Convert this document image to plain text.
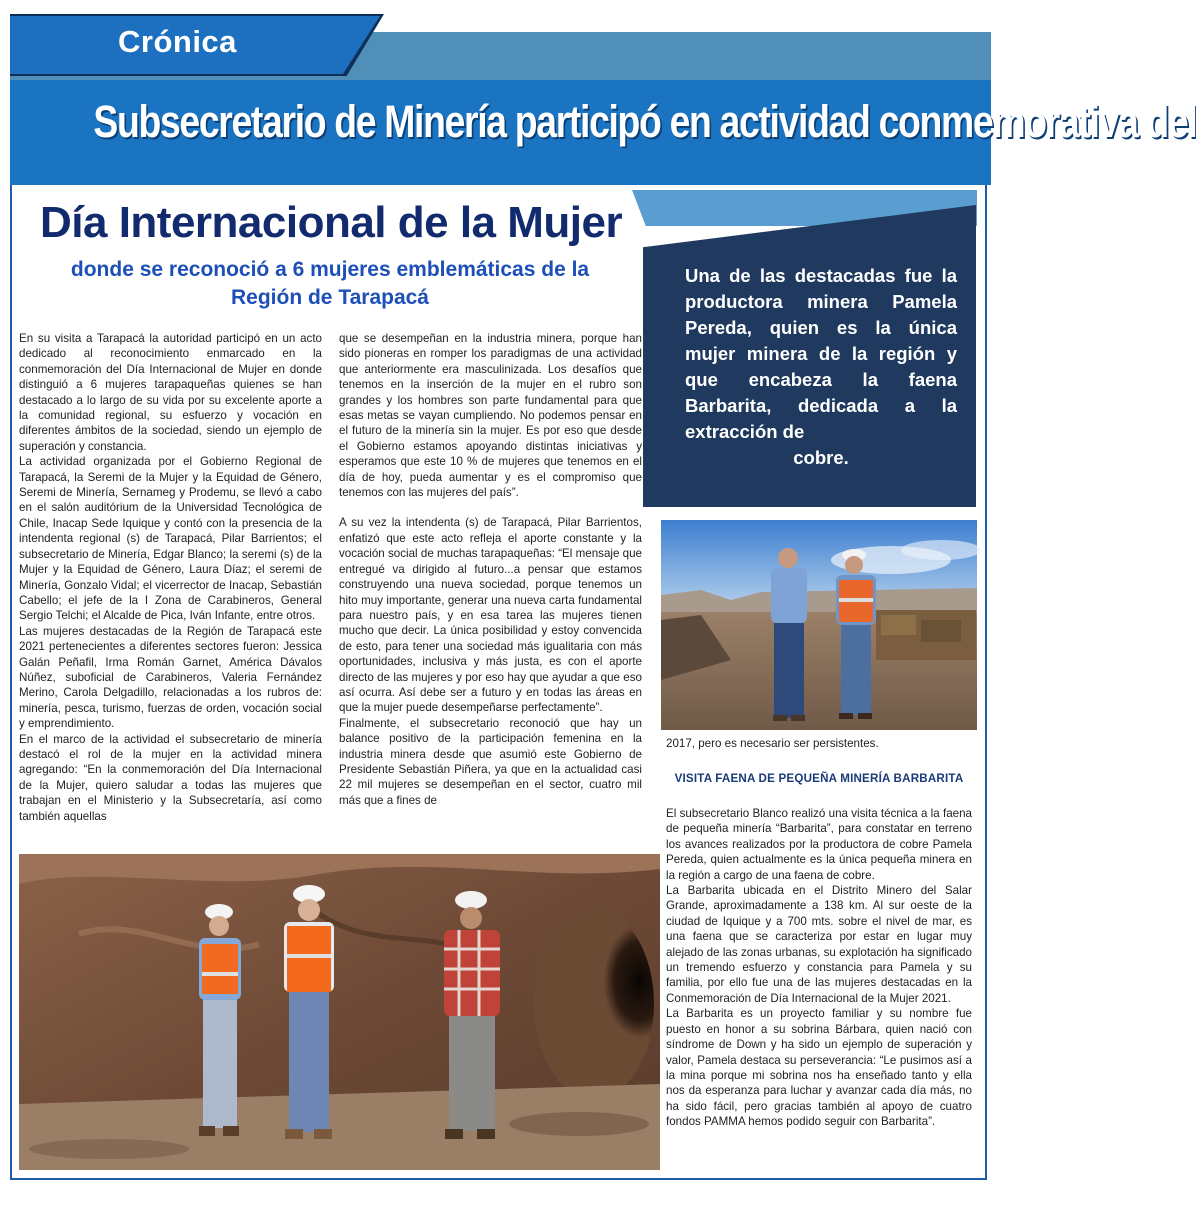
Crónica
Subsecretario de Minería participó en actividad conmemorativa del
Día Internacional de la Mujer
donde se reconoció a 6 mujeres emblemáticas de la Región de Tarapacá
Una de las destacadas fue la productora minera Pamela Pereda, quien es la única mujer minera de la región y que encabeza la faena Barbarita, dedicada a la extracción de
cobre.

En su visita a Tarapacá la autoridad participó en un acto dedicado al reconocimiento enmarcado en la conmemoración del Día Internacional de Mujer en donde distinguió a 6 mujeres tarapaqueñas quienes se han destacado a lo largo de su vida por su excelente aporte a la comunidad regional, su esfuerzo y vocación en diferentes ámbitos de la sociedad, siendo un ejemplo de superación y constancia.

La actividad organizada por el Gobierno Regional de Tarapacá, la Seremi de la Mujer y la Equidad de Género, Seremi de Minería, Sernameg y Prodemu, se llevó a cabo en el salón auditórium de la Universidad Tecnológica de Chile, Inacap Sede Iquique y contó con la presencia de la intendenta regional (s) de Tarapacá, Pilar Barrientos; el subsecretario de Minería, Edgar Blanco; la seremi (s) de la Mujer y la Equidad de Género, Laura Díaz; el seremi de Minería, Gonzalo Vidal; el vicerrector de Inacap, Sebastián Cabello; el jefe de la I Zona de Carabineros, General Sergio Telchi; el Alcalde de Pica, Iván Infante, entre otros.

Las mujeres destacadas de la Región de Tarapacá este 2021 pertenecientes a diferentes sectores fueron: Jessica Galán Peñafil, Irma Román Garnet, América Dávalos Núñez, suboficial de Carabineros, Valeria Fernández Merino, Carola Delgadillo, relacionadas a los rubros de: minería, pesca, turismo, fuerzas de orden, vocación social y emprendimiento.

En el marco de la actividad el subsecretario de minería destacó el rol de la mujer en la actividad minera agregando: “En la conmemoración del Día Internacional de la Mujer, quiero saludar a todas las mujeres que trabajan en el Ministerio y la Subsecretaría, así como también aquellas

que se desempeñan en la industria minera, porque han sido pioneras en romper los paradigmas de una actividad que anteriormente era masculinizada. Los desafíos que tenemos en la inserción de la mujer en el rubro son grandes y los hombres son parte fundamental para que esas metas se vayan cumpliendo. No podemos pensar en el futuro de la minería sin la mujer. Es por eso que desde el Gobierno estamos apoyando distintas iniciativas y esperamos que este 10 % de mujeres que tenemos en el día de hoy, pueda aumentar y es el compromiso que tenemos con las mujeres del país”.

A su vez la intendenta (s) de Tarapacá, Pilar Barrientos, enfatizó que este acto refleja el aporte constante y la vocación social de muchas tarapaqueñas: “El mensaje que entregué va dirigido al futuro...a pensar que estamos construyendo una nueva sociedad, porque tenemos un hito muy importante, generar una nueva carta fundamental para nuestro país, y en esa tarea las mujeres tienen mucho que decir. La única posibilidad y estoy convencida de esto, para tener una sociedad más igualitaria con más oportunidades, inclusiva y más justa, es con el aporte directo de las mujeres y por eso hay que ayudar a que eso así ocurra. Así debe ser a futuro y en todas las áreas en que la mujer puede desempeñarse perfectamente”.

Finalmente, el subsecretario reconoció que hay un balance positivo de la participación femenina en la industria minera desde que asumió este Gobierno de Presidente Sebastián Piñera, ya que en la actualidad casi 22 mil mujeres se desempeñan en el sector, cuatro mil más que a fines de

2017, pero es necesario ser persistentes.
VISITA FAENA DE PEQUEÑA MINERÍA BARBARITA

El subsecretario Blanco realizó una visita técnica a la faena de pequeña minería “Barbarita”, para constatar en terreno los avances realizados por la productora de cobre Pamela Pereda, quien actualmente es la única pequeña minera en la región a cargo de una faena de cobre.

La Barbarita ubicada en el Distrito Minero del Salar Grande, aproximadamente a 138 km. Al sur oeste de la ciudad de Iquique y a 700 mts. sobre el nivel de mar, es una faena que se caracteriza por estar en lugar muy alejado de las zonas urbanas, su explotación ha significado un tremendo esfuerzo y constancia para Pamela y su familia, por ello fue una de las mujeres destacadas en la Conmemoración de Día Internacional de la Mujer 2021.

La Barbarita es un proyecto familiar y su nombre fue puesto en honor a su sobrina Bárbara, quien nació con síndrome de Down y ha sido un ejemplo de superación y valor, Pamela destaca su perseverancia: “Le pusimos así a la mina porque mi sobrina nos ha enseñado tanto y ella nos da esperanza para luchar y avanzar cada día más, no ha sido fácil, pero gracias también al apoyo de cuatro fondos PAMMA hemos podido seguir con Barbarita”.
